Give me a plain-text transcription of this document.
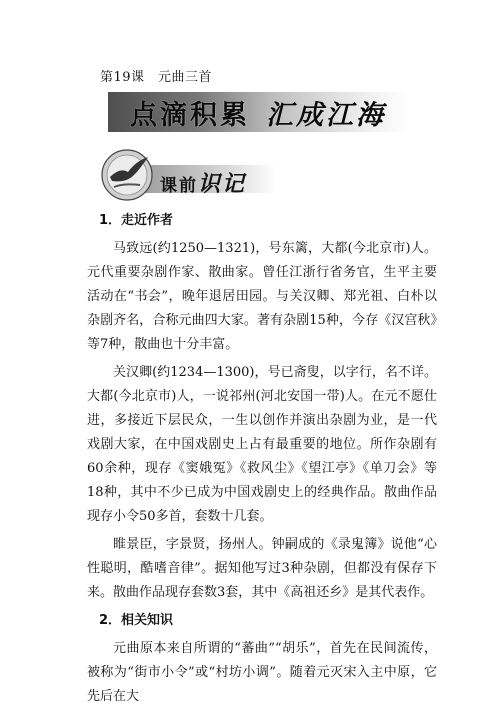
第19课　元曲三首
点滴积累 汇成江海
课前识记
1．走近作者

马致远(约1250—1321)，号东篱，大都(今北京市)人。元代重要杂剧作家、散曲家。曾任江浙行省务官，生平主要活动在“书会”，晚年退居田园。与关汉卿、郑光祖、白朴以杂剧齐名，合称元曲四大家。著有杂剧15种，今存《汉宫秋》等7种，散曲也十分丰富。

关汉卿(约1234—1300)，号已斋叟，以字行，名不详。大都(今北京市)人，一说祁州(河北安国一带)人。在元不愿仕进，多接近下层民众，一生以创作并演出杂剧为业，是一代戏剧大家，在中国戏剧史上占有最重要的地位。所作杂剧有60余种，现存《窦娥冤》《救风尘》《望江亭》《单刀会》等18种，其中不少已成为中国戏剧史上的经典作品。散曲作品现存小令50多首，套数十几套。

睢景臣，字景贤，扬州人。钟嗣成的《录鬼簿》说他“心性聪明，酷嗜音律”。据知他写过3种杂剧，但都没有保存下来。散曲作品现存套数3套，其中《高祖还乡》是其代表作。

2．相关知识

元曲原本来自所谓的“蕃曲”“胡乐”，首先在民间流传，被称为“街市小令”或“村坊小调”。随着元灭宋入主中原，它先后在大
